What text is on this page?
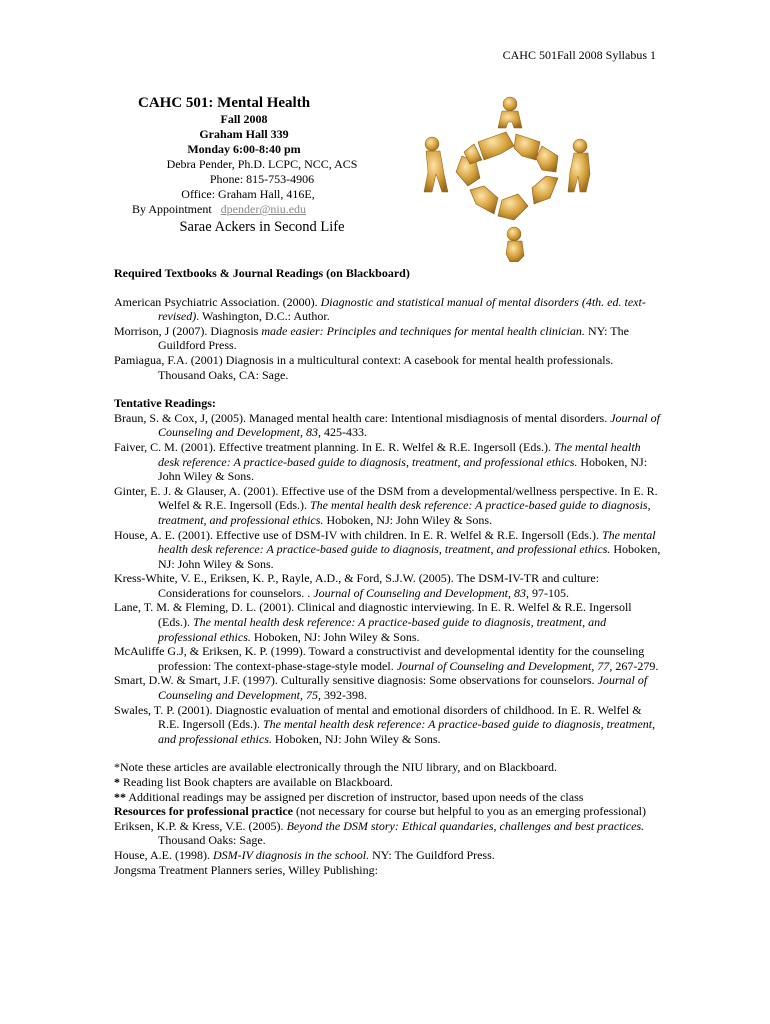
CAHC 501Fall 2008 Syllabus 1
CAHC 501: Mental Health
Fall 2008
Graham Hall 339
Monday 6:00-8:40 pm
Debra Pender, Ph.D. LCPC, NCC, ACS
Phone: 815-753-4906
Office: Graham Hall, 416E,
By Appointment dpender@niu.edu
Sarae Ackers in Second Life
Required Textbooks & Journal Readings (on Blackboard)
American Psychiatric Association. (2000). Diagnostic and statistical manual of mental disorders (4th. ed. text-revised). Washington, D.C.: Author.
Morrison, J (2007). Diagnosis made easier: Principles and techniques for mental health clinician. NY: The Guildford Press.
Pamiagua, F.A. (2001) Diagnosis in a multicultural context: A casebook for mental health professionals. Thousand Oaks, CA: Sage.
Tentative Readings:
Braun, S. & Cox, J, (2005). Managed mental health care: Intentional misdiagnosis of mental disorders. Journal of Counseling and Development, 83, 425-433.
Faiver, C. M. (2001). Effective treatment planning. In E. R. Welfel & R.E. Ingersoll (Eds.). The mental health desk reference: A practice-based guide to diagnosis, treatment, and professional ethics. Hoboken, NJ: John Wiley & Sons.
Ginter, E. J. & Glauser, A. (2001). Effective use of the DSM from a developmental/wellness perspective. In E. R. Welfel & R.E. Ingersoll (Eds.). The mental health desk reference: A practice-based guide to diagnosis, treatment, and professional ethics. Hoboken, NJ: John Wiley & Sons.
House, A. E. (2001). Effective use of DSM-IV with children. In E. R. Welfel & R.E. Ingersoll (Eds.). The mental health desk reference: A practice-based guide to diagnosis, treatment, and professional ethics. Hoboken, NJ: John Wiley & Sons.
Kress-White, V. E., Eriksen, K. P., Rayle, A.D., & Ford, S.J.W. (2005). The DSM-IV-TR and culture: Considerations for counselors. . Journal of Counseling and Development, 83, 97-105.
Lane, T. M. & Fleming, D. L. (2001). Clinical and diagnostic interviewing. In E. R. Welfel & R.E. Ingersoll (Eds.). The mental health desk reference: A practice-based guide to diagnosis, treatment, and professional ethics. Hoboken, NJ: John Wiley & Sons.
McAuliffe G.J, & Eriksen, K. P. (1999). Toward a constructivist and developmental identity for the counseling profession: The context-phase-stage-style model. Journal of Counseling and Development, 77, 267-279.
Smart, D.W. & Smart, J.F. (1997). Culturally sensitive diagnosis: Some observations for counselors. Journal of Counseling and Development, 75, 392-398.
Swales, T. P. (2001). Diagnostic evaluation of mental and emotional disorders of childhood. In E. R. Welfel & R.E. Ingersoll (Eds.). The mental health desk reference: A practice-based guide to diagnosis, treatment, and professional ethics. Hoboken, NJ: John Wiley & Sons.
*Note these articles are available electronically through the NIU library, and on Blackboard.
* Reading list Book chapters are available on Blackboard.
** Additional readings may be assigned per discretion of instructor, based upon needs of the class
Resources for professional practice (not necessary for course but helpful to you as an emerging professional)
Eriksen, K.P. & Kress, V.E. (2005). Beyond the DSM story: Ethical quandaries, challenges and best practices. Thousand Oaks: Sage.
House, A.E. (1998). DSM-IV diagnosis in the school. NY: The Guildford Press.
Jongsma Treatment Planners series, Willey Publishing:
